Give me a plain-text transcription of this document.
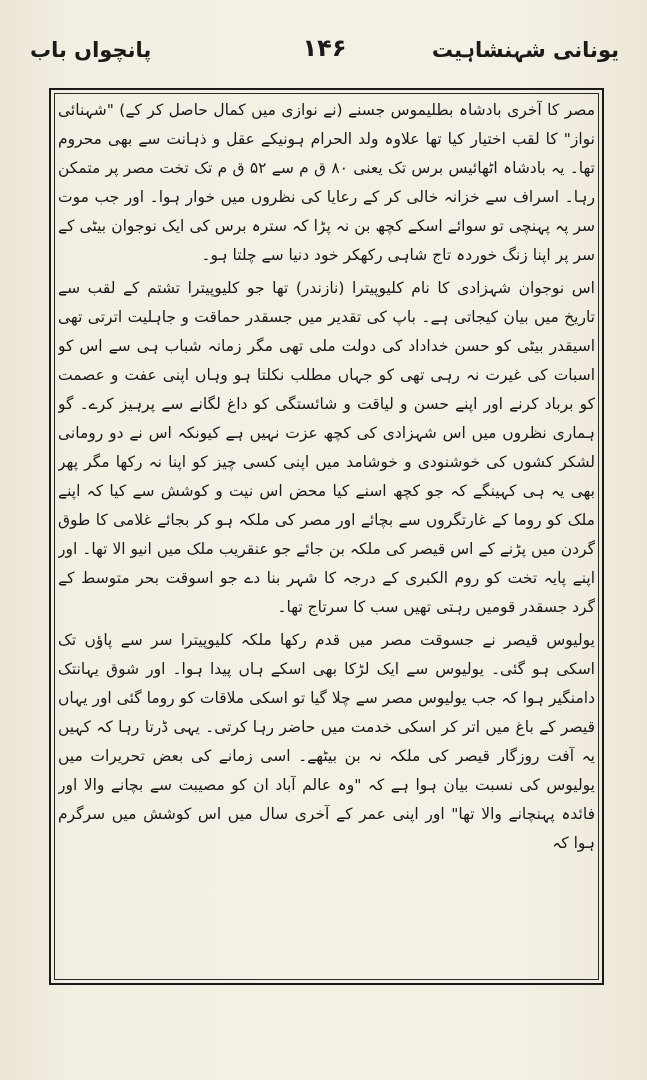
یونانی شہنشاہیت
۱۴۶
پانچواں باب

مصر کا آخری بادشاہ بطلیموس جسنے (نے نوازی میں کمال حاصل کر کے) "شہنائی نواز" کا لقب اختیار کیا تھا علاوہ ولد الحرام ہونیکے عقل و ذہانت سے بھی محروم تھا۔ یہ بادشاہ اٹھائیس برس تک یعنی ۸۰ ق م سے ۵۲ ق م تک تخت مصر پر متمکن رہا۔ اسراف سے خزانہ خالی کر کے رعایا کی نظروں میں خوار ہوا۔ اور جب موت سر پہ پہنچی تو سوائے اسکے کچھ بن نہ پڑا کہ سترہ برس کی ایک نوجوان بیٹی کے سر پر اپنا زنگ خوردہ تاج شاہی رکھکر خود دنیا سے چلتا ہو۔

اس نوجوان شہزادی کا نام کلیوپیترا (نازندر) تھا جو کلیوپیترا تشتم کے لقب سے تاریخ میں بیان کیجاتی ہے۔ باپ کی تقدیر میں جسقدر حماقت و جاہلیت اترتی تھی اسیقدر بیٹی کو حسن خداداد کی دولت ملی تھی مگر زمانہ شباب ہی سے اس کو اسبات کی غیرت نہ رہی تھی کو جہاں مطلب نکلتا ہو وہاں اپنی عفت و عصمت کو برباد کرنے اور اپنے حسن و لیاقت و شائستگی کو داغ لگانے سے پرہیز کرے۔ گو ہماری نظروں میں اس شہزادی کی کچھ عزت نہیں ہے کیونکہ اس نے دو رومانی لشکر کشوں کی خوشنودی و خوشامد میں اپنی کسی چیز کو اپنا نہ رکھا مگر پھر بھی یہ ہی کہینگے کہ جو کچھ اسنے کیا محض اس نیت و کوشش سے کیا کہ اپنے ملک کو روما کے غارتگروں سے بچائے اور مصر کی ملکہ ہو کر بجائے غلامی کا طوق گردن میں پڑنے کے اس قیصر کی ملکہ بن جائے جو عنقریب ملک میں انیو الا تھا۔ اور اپنے پایہ تخت کو روم الکبری کے درجہ کا شہر بنا دے جو اسوقت بحر متوسط کے گرد جسقدر قومیں رہتی تھیں سب کا سرتاج تھا۔

یولیوس قیصر نے جسوقت مصر میں قدم رکھا ملکہ کلیوپیترا سر سے پاؤں تک اسکی ہو گئی۔ یولیوس سے ایک لڑکا بھی اسکے ہاں پیدا ہوا۔ اور شوق یہانتک دامنگیر ہوا کہ جب یولیوس مصر سے چلا گیا تو اسکی ملاقات کو روما گئی اور یہاں قیصر کے باغ میں اتر کر اسکی خدمت میں حاضر رہا کرتی۔ یہی ڈرتا رہا کہ کہیں یہ آفت روزگار قیصر کی ملکہ نہ بن بیٹھے۔ اسی زمانے کی بعض تحریرات میں یولیوس کی نسبت بیان ہوا ہے کہ "وہ عالم آباد ان کو مصیبت سے بچانے والا اور فائدہ پہنچانے والا تھا" اور اپنی عمر کے آخری سال میں اس کوشش میں سرگرم ہوا کہ
